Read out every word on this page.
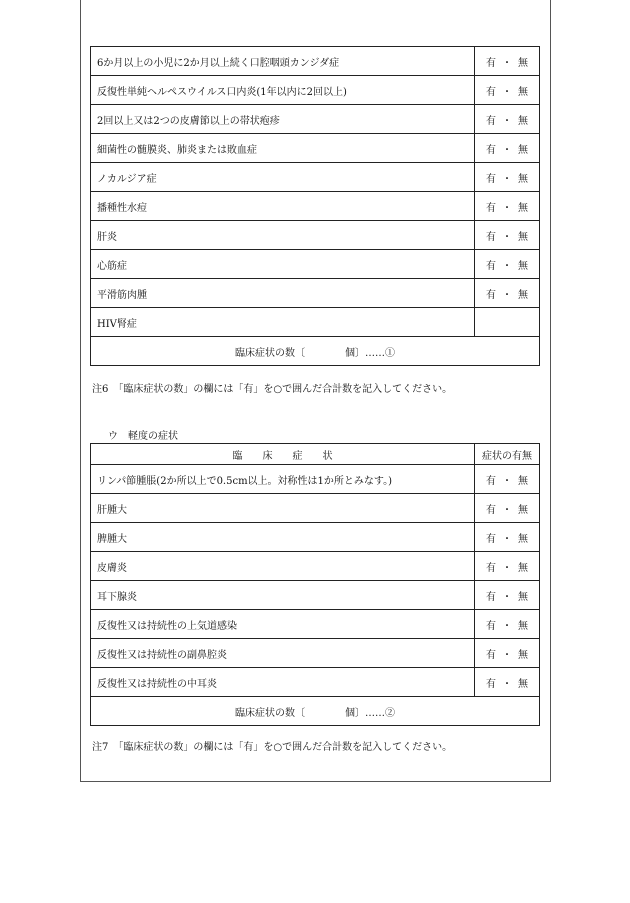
6か月以上の小児に2か月以上続く口腔咽頭カンジダ症	有 ・ 無
反復性単純ヘルペスウイルス口内炎(1年以内に2回以上)	有 ・ 無
2回以上又は2つの皮膚節以上の帯状疱疹	有 ・ 無
細菌性の髄膜炎、肺炎または敗血症	有 ・ 無
ノカルジア症	有 ・ 無
播種性水痘	有 ・ 無
肝炎	有 ・ 無
心筋症	有 ・ 無
平滑筋肉腫	有 ・ 無
HIV腎症	
臨床症状の数〔　　　　個〕……①	
注6　「臨床症状の数」の欄には「有」を○で囲んだ合計数を記入してください。
ウ　軽度の症状
臨　　床　　症　　状	症状の有無
リンパ節腫脹(2か所以上で0.5cm以上。対称性は1か所とみなす。)	有 ・ 無
肝腫大	有 ・ 無
脾腫大	有 ・ 無
皮膚炎	有 ・ 無
耳下腺炎	有 ・ 無
反復性又は持続性の上気道感染	有 ・ 無
反復性又は持続性の副鼻腔炎	有 ・ 無
反復性又は持続性の中耳炎	有 ・ 無
臨床症状の数〔　　　　個〕……②	
注7　「臨床症状の数」の欄には「有」を○で囲んだ合計数を記入してください。
